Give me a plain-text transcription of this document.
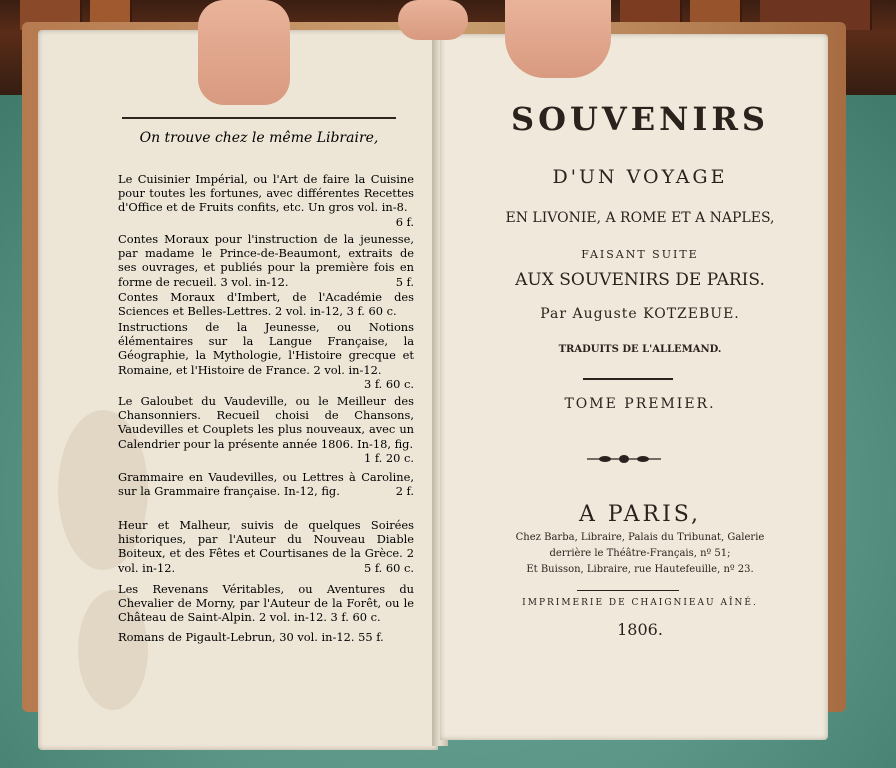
On trouve chez le même Libraire,
Le Cuisinier Impérial, ou l'Art de faire la Cuisine pour toutes les fortunes, avec différentes Recettes d'Office et de Fruits confits, etc. Un gros vol. in-8.
6 f.
Contes Moraux pour l'instruction de la jeunesse, par madame le Prince-de-Beaumont, extraits de ses ouvrages, et publiés pour la première fois en forme de recueil. 3 vol. in-12.	5 f.
Contes Moraux d'Imbert, de l'Académie des Sciences et Belles-Lettres. 2 vol. in-12, 3 f. 60 c.
Instructions de la Jeunesse, ou Notions élémentaires sur la Langue Française, la Géographie, la Mythologie, l'Histoire grecque et Romaine, et l'Histoire de France. 2 vol. in-12.
3 f. 60 c.
Le Galoubet du Vaudeville, ou le Meilleur des Chansonniers. Recueil choisi de Chansons, Vaudevilles et Couplets les plus nouveaux, avec un Calendrier pour la présente année 1806. In-18, fig.
1 f. 20 c.
Grammaire en Vaudevilles, ou Lettres à Caroline, sur la Grammaire française. In-12, fig.	2 f.
Heur et Malheur, suivis de quelques Soirées historiques, par l'Auteur du Nouveau Diable Boiteux, et des Fêtes et Courtisanes de la Grèce. 2 vol. in-12.	5 f. 60 c.
Les Revenans Véritables, ou Aventures du Chevalier de Morny, par l'Auteur de la Forêt, ou le Château de Saint-Alpin. 2 vol. in-12. 3 f. 60 c.
Romans de Pigault-Lebrun, 30 vol. in-12. 55 f.
SOUVENIRS
D'UN VOYAGE
EN LIVONIE, A ROME ET A NAPLES,
FAISANT SUITE
AUX SOUVENIRS DE PARIS.
Par Auguste KOTZEBUE.
TRADUITS DE L'ALLEMAND.
TOME PREMIER.
A PARIS,
Chez Barba, Libraire, Palais du Tribunat, Galerie
derrière le Théâtre-Français, nº 51;
Et Buisson, Libraire, rue Hautefeuille, nº 23.
IMPRIMERIE DE CHAIGNIEAU AÎNÉ.
1806.
